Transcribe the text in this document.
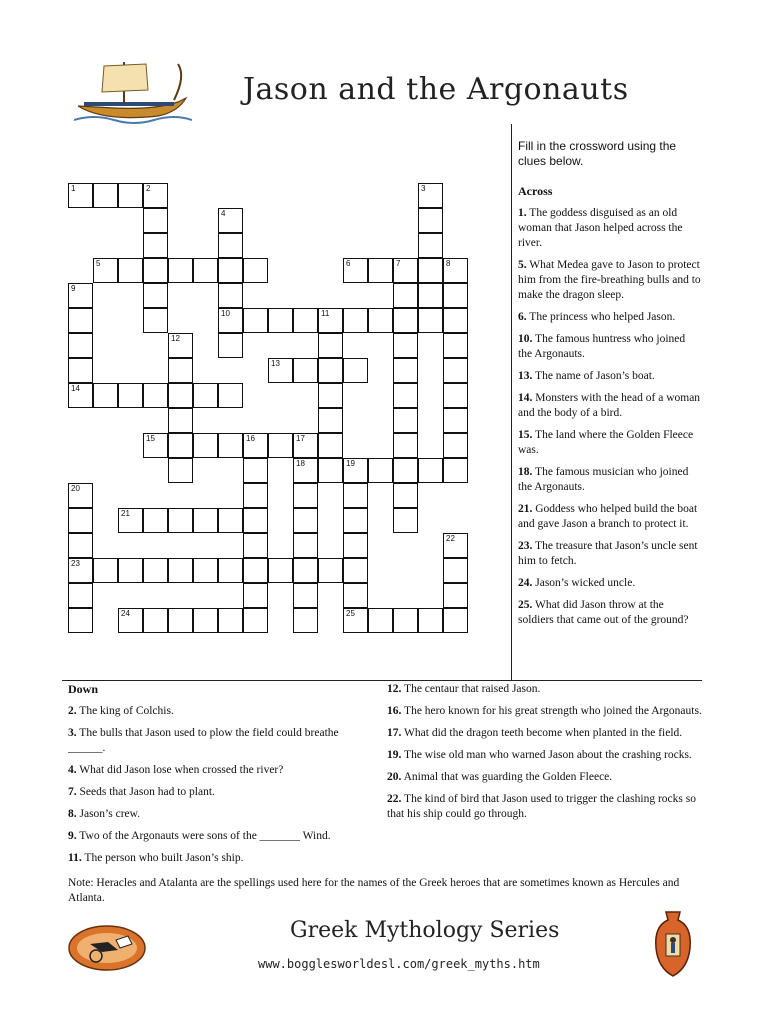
Jason and the Argonauts
Fill in the crossword using the clues below.
1	2	3
4
5	6	7	8
9
10	11
12
13
14
15	16	17
18	19
20
21
22
23
24	25
Across
1. The goddess disguised as an old woman that Jason helped across the river.
5. What Medea gave to Jason to protect him from the fire-breathing bulls and to make the dragon sleep.
6. The princess who helped Jason.
10. The famous huntress who joined the Argonauts.
13. The name of Jason’s boat.
14. Monsters with the head of a woman and the body of a bird.
15. The land where the Golden Fleece was.
18. The famous musician who joined the Argonauts.
21. Goddess who helped build the boat and gave Jason a branch to protect it.
23. The treasure that Jason’s uncle sent him to fetch.
24. Jason’s wicked uncle.
25. What did Jason throw at the soldiers that came out of the ground?
Down
2. The king of Colchis.
3. The bulls that Jason used to plow the field could breathe ______.
4. What did Jason lose when crossed the river?
7. Seeds that Jason had to plant.
8. Jason’s crew.
9. Two of the Argonauts were sons of the _______ Wind.
11. The person who built Jason’s ship.
12. The centaur that raised Jason.
16. The hero known for his great strength who joined the Argonauts.
17. What did the dragon teeth become when planted in the field.
19. The wise old man who warned Jason about the crashing rocks.
20. Animal that was guarding the Golden Fleece.
22. The kind of bird that Jason used to trigger the clashing rocks so that his ship could go through.
Note: Heracles and Atalanta are the spellings used here for the names of the Greek heroes that are sometimes known as Hercules and Atlanta.
Greek Mythology Series
www.bogglesworldesl.com/greek_myths.htm
